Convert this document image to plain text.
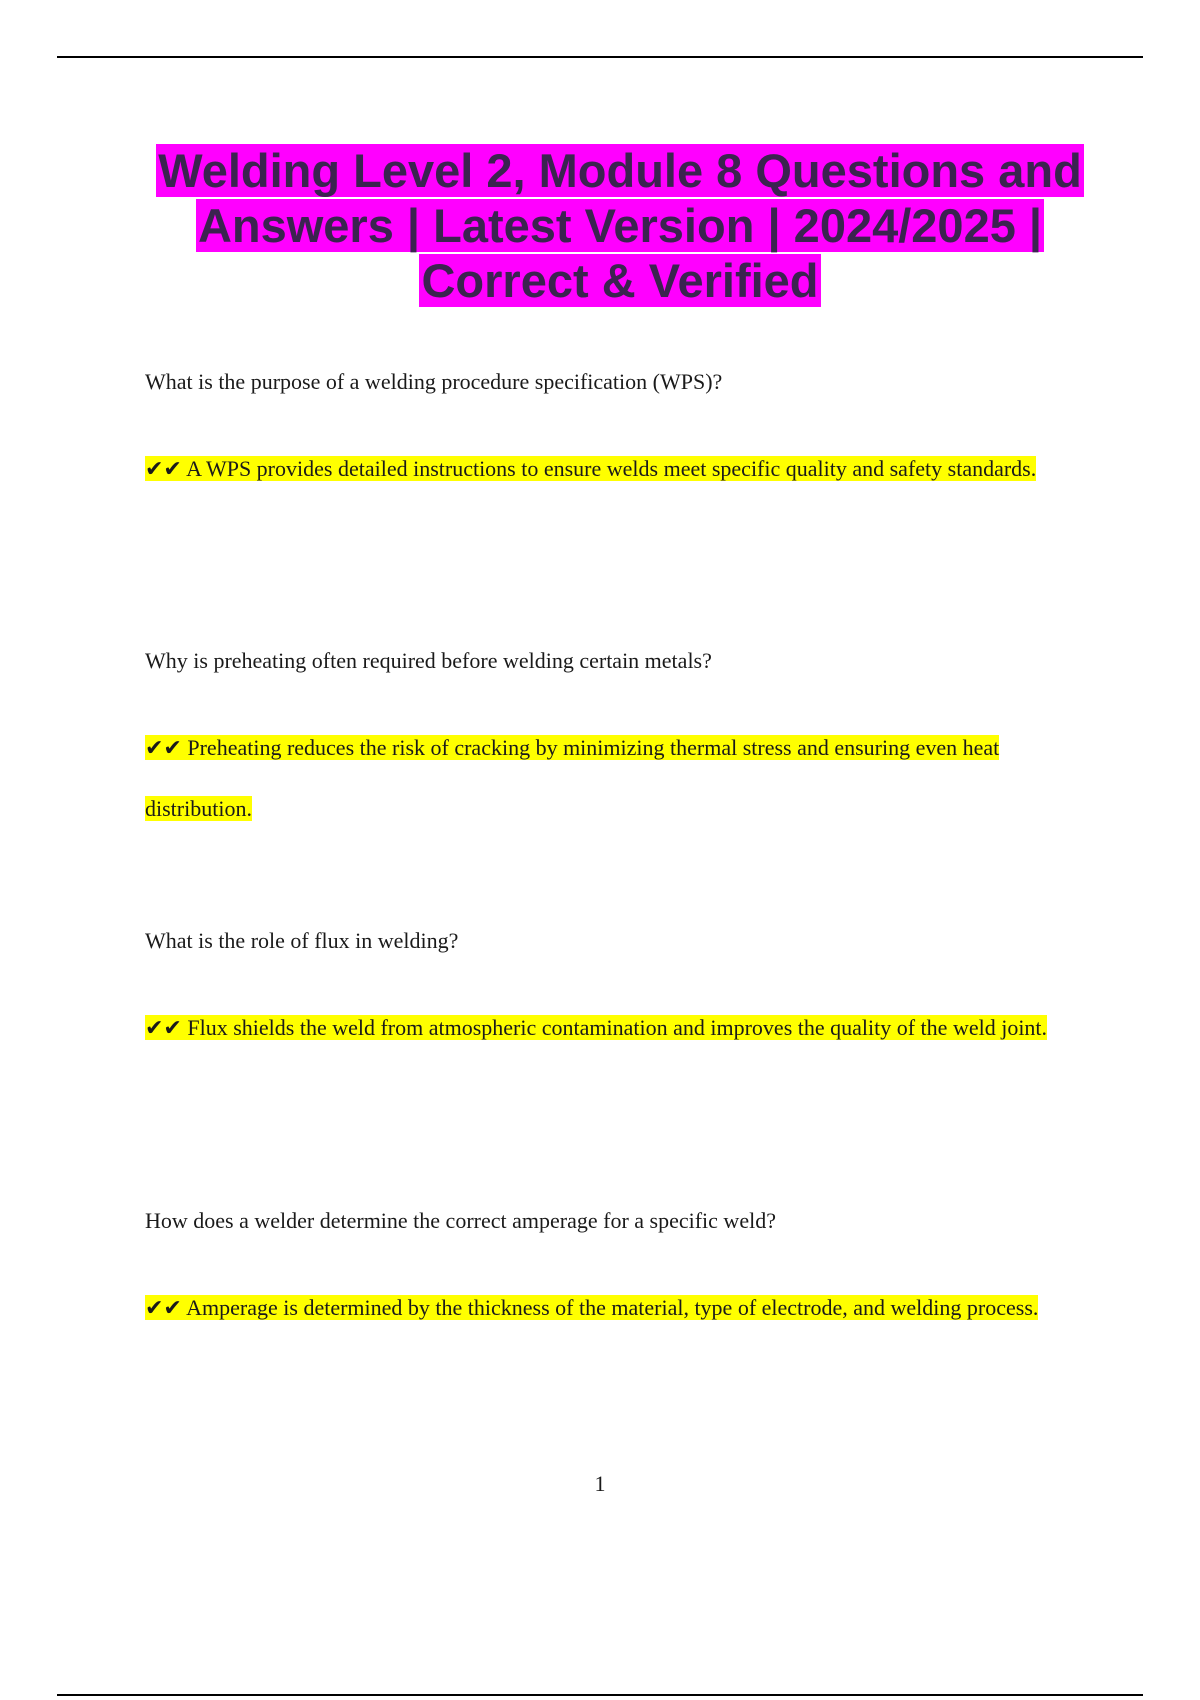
Welding Level 2, Module 8 Questions and Answers | Latest Version | 2024/2025 | Correct & Verified
What is the purpose of a welding procedure specification (WPS)?

✔✔ A WPS provides detailed instructions to ensure welds meet specific quality and safety standards.

Why is preheating often required before welding certain metals?

✔✔ Preheating reduces the risk of cracking by minimizing thermal stress and ensuring even heat distribution.

What is the role of flux in welding?

✔✔ Flux shields the weld from atmospheric contamination and improves the quality of the weld joint.

How does a welder determine the correct amperage for a specific weld?

✔✔ Amperage is determined by the thickness of the material, type of electrode, and welding process.

1
